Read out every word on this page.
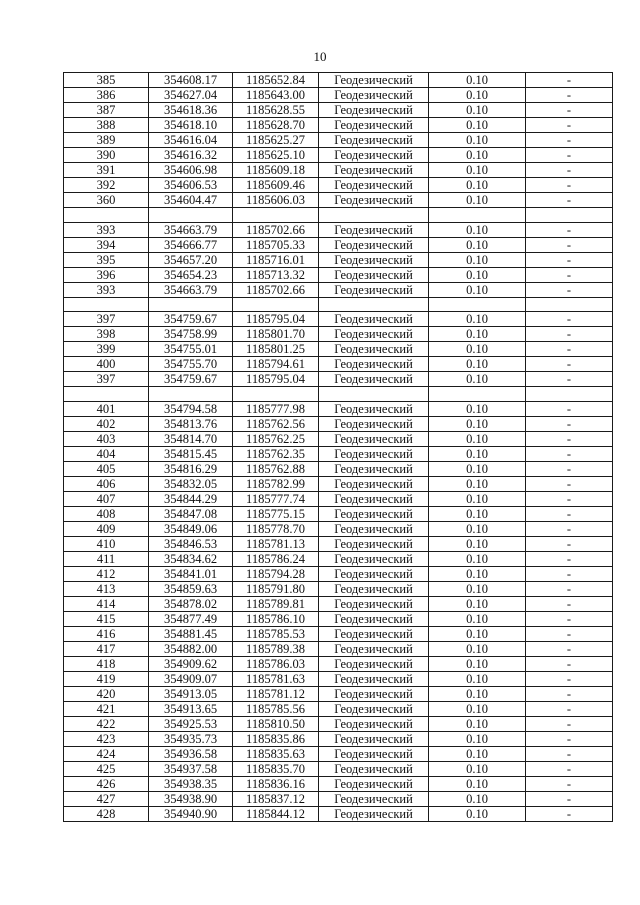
10
385	354608.17	1185652.84	Геодезический	0.10	-
386	354627.04	1185643.00	Геодезический	0.10	-
387	354618.36	1185628.55	Геодезический	0.10	-
388	354618.10	1185628.70	Геодезический	0.10	-
389	354616.04	1185625.27	Геодезический	0.10	-
390	354616.32	1185625.10	Геодезический	0.10	-
391	354606.98	1185609.18	Геодезический	0.10	-
392	354606.53	1185609.46	Геодезический	0.10	-
360	354604.47	1185606.03	Геодезический	0.10	-

393	354663.79	1185702.66	Геодезический	0.10	-
394	354666.77	1185705.33	Геодезический	0.10	-
395	354657.20	1185716.01	Геодезический	0.10	-
396	354654.23	1185713.32	Геодезический	0.10	-
393	354663.79	1185702.66	Геодезический	0.10	-

397	354759.67	1185795.04	Геодезический	0.10	-
398	354758.99	1185801.70	Геодезический	0.10	-
399	354755.01	1185801.25	Геодезический	0.10	-
400	354755.70	1185794.61	Геодезический	0.10	-
397	354759.67	1185795.04	Геодезический	0.10	-

401	354794.58	1185777.98	Геодезический	0.10	-
402	354813.76	1185762.56	Геодезический	0.10	-
403	354814.70	1185762.25	Геодезический	0.10	-
404	354815.45	1185762.35	Геодезический	0.10	-
405	354816.29	1185762.88	Геодезический	0.10	-
406	354832.05	1185782.99	Геодезический	0.10	-
407	354844.29	1185777.74	Геодезический	0.10	-
408	354847.08	1185775.15	Геодезический	0.10	-
409	354849.06	1185778.70	Геодезический	0.10	-
410	354846.53	1185781.13	Геодезический	0.10	-
411	354834.62	1185786.24	Геодезический	0.10	-
412	354841.01	1185794.28	Геодезический	0.10	-
413	354859.63	1185791.80	Геодезический	0.10	-
414	354878.02	1185789.81	Геодезический	0.10	-
415	354877.49	1185786.10	Геодезический	0.10	-
416	354881.45	1185785.53	Геодезический	0.10	-
417	354882.00	1185789.38	Геодезический	0.10	-
418	354909.62	1185786.03	Геодезический	0.10	-
419	354909.07	1185781.63	Геодезический	0.10	-
420	354913.05	1185781.12	Геодезический	0.10	-
421	354913.65	1185785.56	Геодезический	0.10	-
422	354925.53	1185810.50	Геодезический	0.10	-
423	354935.73	1185835.86	Геодезический	0.10	-
424	354936.58	1185835.63	Геодезический	0.10	-
425	354937.58	1185835.70	Геодезический	0.10	-
426	354938.35	1185836.16	Геодезический	0.10	-
427	354938.90	1185837.12	Геодезический	0.10	-
428	354940.90	1185844.12	Геодезический	0.10	-
